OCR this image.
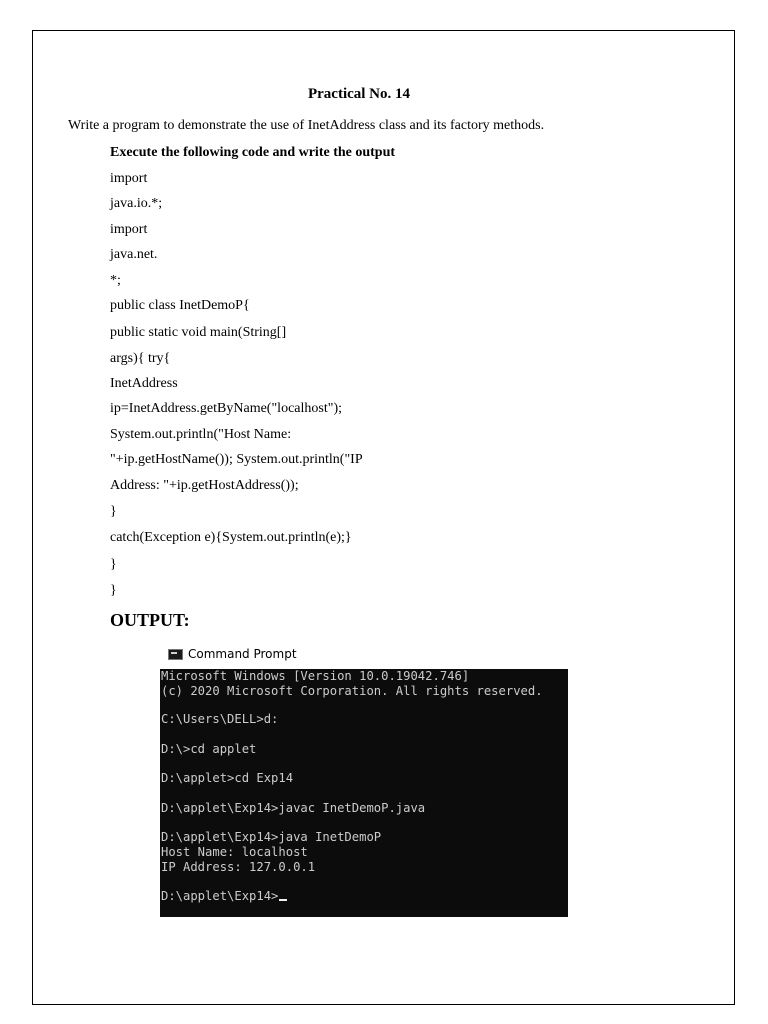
Practical No. 14
Write a program to demonstrate the use of InetAddress class and its factory methods.
Execute the following code and write the output
import
java.io.*;
import
java.net.
*;
public class InetDemoP{
public static void main(String[]
args){ try{
InetAddress
ip=InetAddress.getByName("localhost");
System.out.println("Host Name:
"+ip.getHostName()); System.out.println("IP
Address: "+ip.getHostAddress());
}
catch(Exception e){System.out.println(e);}
}
}
OUTPUT:
Command Prompt
Microsoft Windows [Version 10.0.19042.746]
(c) 2020 Microsoft Corporation. All rights reserved.
C:\Users\DELL>d:
D:\>cd applet
D:\applet>cd Exp14
D:\applet\Exp14>javac InetDemoP.java
D:\applet\Exp14>java InetDemoP
Host Name: localhost
IP Address: 127.0.0.1
D:\applet\Exp14>
